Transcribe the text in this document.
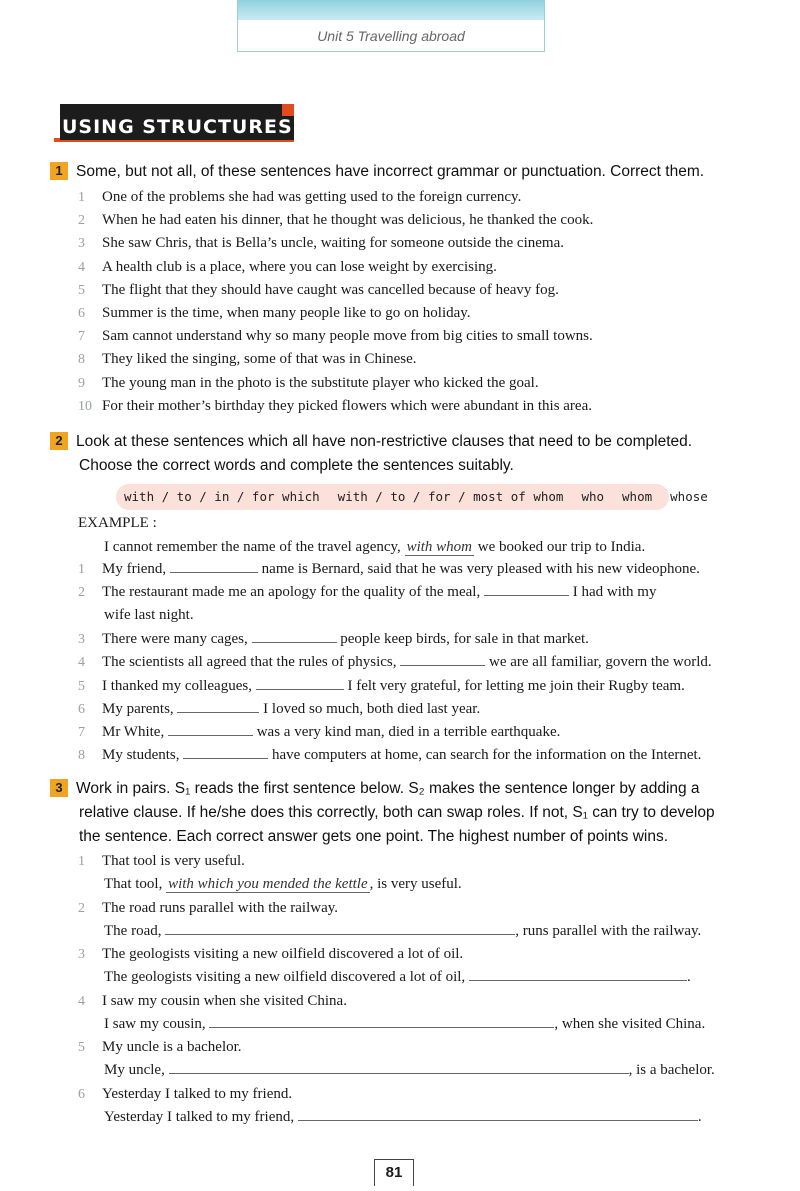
Unit 5 Travelling abroad
USING STRUCTURES
1 Some, but not all, of these sentences have incorrect grammar or punctuation. Correct them.
1 One of the problems she had was getting used to the foreign currency.
2 When he had eaten his dinner, that he thought was delicious, he thanked the cook.
3 She saw Chris, that is Bella’s uncle, waiting for someone outside the cinema.
4 A health club is a place, where you can lose weight by exercising.
5 The flight that they should have caught was cancelled because of heavy fog.
6 Summer is the time, when many people like to go on holiday.
7 Sam cannot understand why so many people move from big cities to small towns.
8 They liked the singing, some of that was in Chinese.
9 The young man in the photo is the substitute player who kicked the goal.
10 For their mother’s birthday they picked flowers which were abundant in this area.
2 Look at these sentences which all have non-restrictive clauses that need to be completed.
Choose the correct words and complete the sentences suitably.
with / to / in / for which with / to / for / most of whom who whom whose
EXAMPLE :
I cannot remember the name of the travel agency, with whom we booked our trip to India.
1 My friend,	name is Bernard, said that he was very pleased with his new videophone.
2 The restaurant made me an apology for the quality of the meal,	I had with my
wife last night.
3 There were many cages,	people keep birds, for sale in that market.
4 The scientists all agreed that the rules of physics,	we are all familiar, govern the world.
5 I thanked my colleagues,	I felt very grateful, for letting me join their Rugby team.
6 My parents,	I loved so much, both died last year.
7 Mr White,	was a very kind man, died in a terrible earthquake.
8 My students,	have computers at home, can search for the information on the Internet.
3 Work in pairs. S₁ reads the first sentence below. S₂ makes the sentence longer by adding a
relative clause. If he/she does this correctly, both can swap roles. If not, S₁ can try to develop
the sentence. Each correct answer gets one point. The highest number of points wins.
1 That tool is very useful.
That tool, with which you mended the kettle , is very useful.
2 The road runs parallel with the railway.
The road,	, runs parallel with the railway.
3 The geologists visiting a new oilfield discovered a lot of oil.
The geologists visiting a new oilfield discovered a lot of oil,	.
4 I saw my cousin when she visited China.
I saw my cousin,	, when she visited China.
5 My uncle is a bachelor.
My uncle,	, is a bachelor.
6 Yesterday I talked to my friend.
Yesterday I talked to my friend,	.
81
